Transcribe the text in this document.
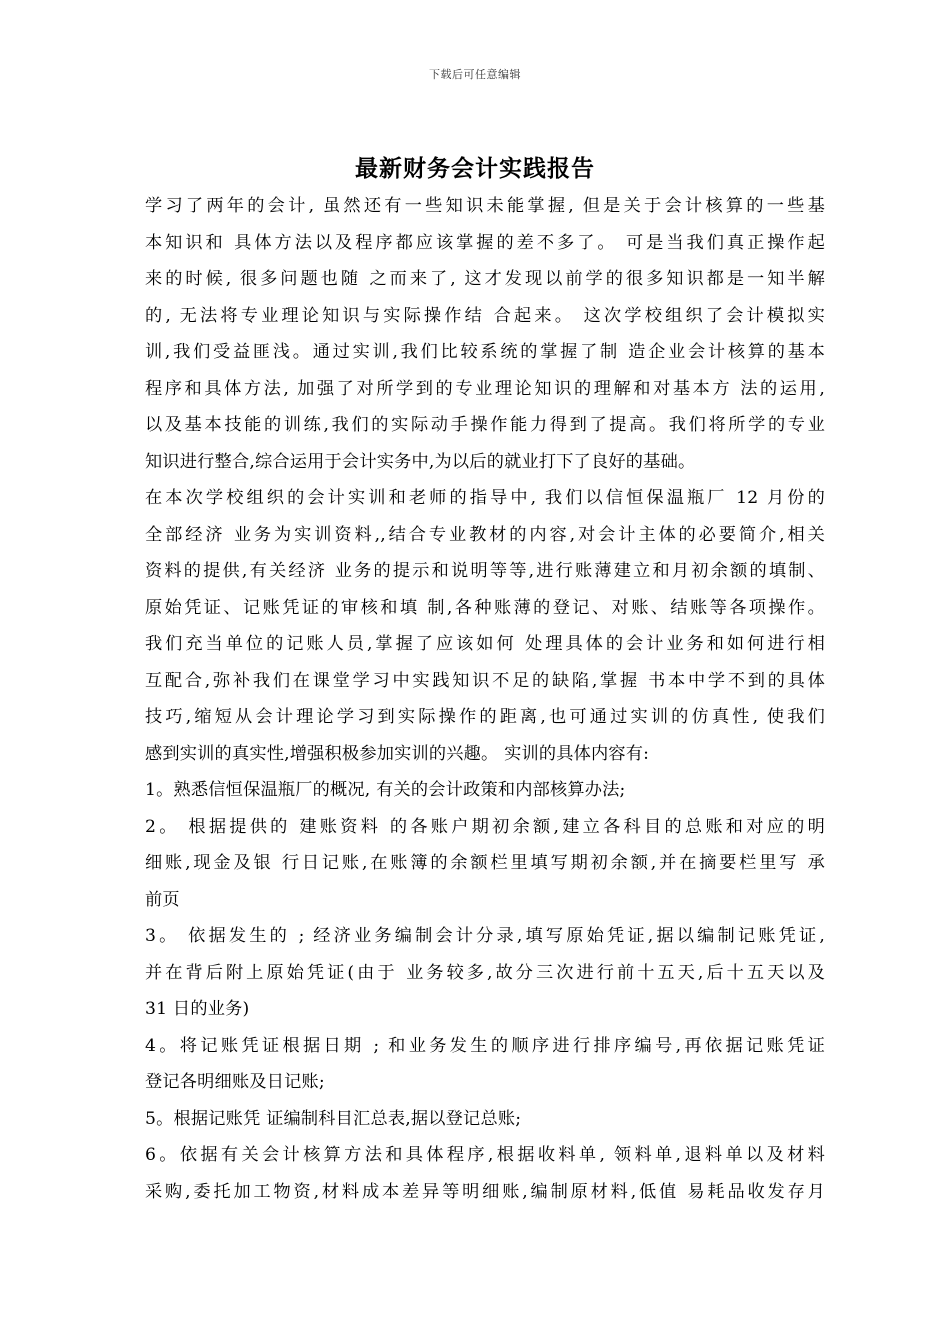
下载后可任意编辑
最新财务会计实践报告
学习了两年的会计, 虽然还有一些知识未能掌握, 但是关于会计核算的一些基
本知识和 具体方法以及程序都应该掌握的差不多了。 可是当我们真正操作起
来的时候, 很多问题也随 之而来了, 这才发现以前学的很多知识都是一知半解
的, 无法将专业理论知识与实际操作结 合起来。 这次学校组织了会计模拟实
训,我们受益匪浅。通过实训,我们比较系统的掌握了制 造企业会计核算的基本
程序和具体方法, 加强了对所学到的专业理论知识的理解和对基本方 法的运用,
以及基本技能的训练,我们的实际动手操作能力得到了提高。我们将所学的专业
知识进行整合,综合运用于会计实务中,为以后的就业打下了良好的基础。
在本次学校组织的会计实训和老师的指导中, 我们以信恒保温瓶厂 12 月份的
全部经济 业务为实训资料,,结合专业教材的内容,对会计主体的必要简介,相关
资料的提供,有关经济 业务的提示和说明等等,进行账薄建立和月初余额的填制、
原始凭证、记账凭证的审核和填 制,各种账薄的登记、对账、结账等各项操作。
我们充当单位的记账人员,掌握了应该如何 处理具体的会计业务和如何进行相
互配合,弥补我们在课堂学习中实践知识不足的缺陷,掌握 书本中学不到的具体
技巧,缩短从会计理论学习到实际操作的距离,也可通过实训的仿真性, 使我们
感到实训的真实性,增强积极参加实训的兴趣。 实训的具体内容有:
1。熟悉信恒保温瓶厂的概况, 有关的会计政策和内部核算办法;
2。 根据提供的 建账资料 的各账户期初余额,建立各科目的总账和对应的明
细账,现金及银 行日记账,在账簿的余额栏里填写期初余额,并在摘要栏里写 承
前页
3。 依据发生的 ; 经济业务编制会计分录,填写原始凭证,据以编制记账凭证,
并在背后附上原始凭证(由于 业务较多,故分三次进行前十五天,后十五天以及
31 日的业务)
4。将记账凭证根据日期 ; 和业务发生的顺序进行排序编号,再依据记账凭证
登记各明细账及日记账;
5。根据记账凭 证编制科目汇总表,据以登记总账;
6。依据有关会计核算方法和具体程序,根据收料单, 领料单,退料单以及材料
采购,委托加工物资,材料成本差异等明细账,编制原材料,低值 易耗品收发存月
